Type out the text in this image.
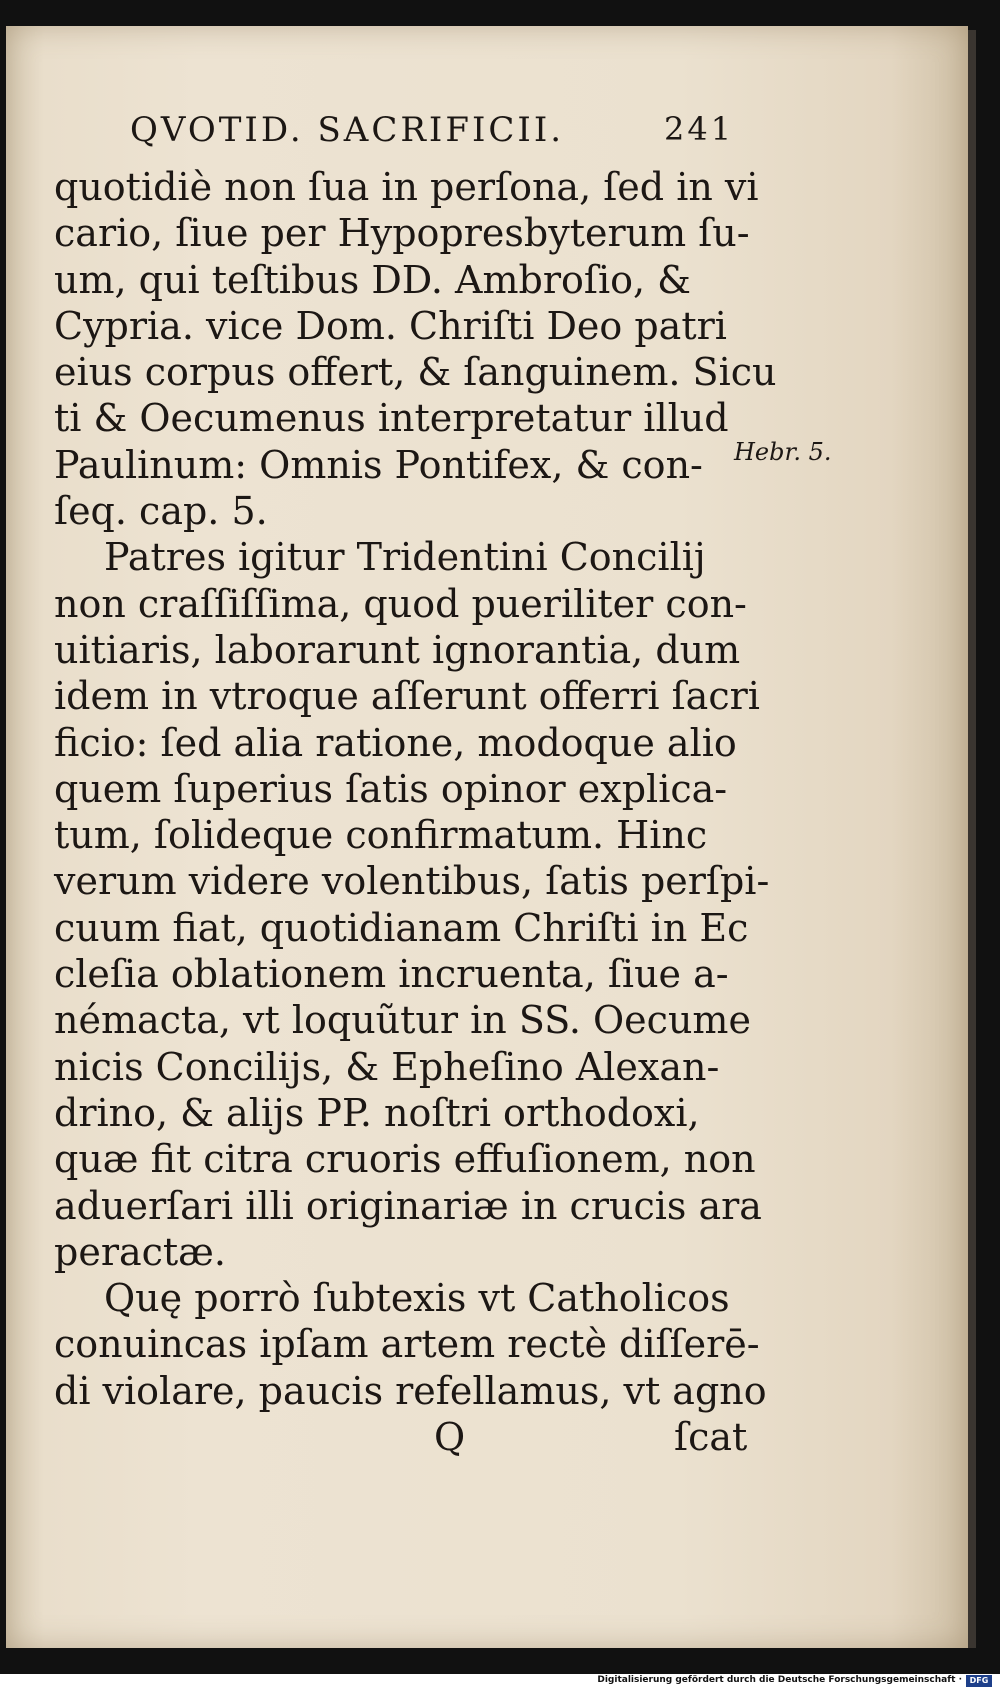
QVOTID. SACRIFICII.	241
quotidiè non ſua in perſona, ſed in vi
cario, ſiue per Hypopresbyterum ſu-
um, qui teſtibus DD. Ambroſio, &
Cypria. vice Dom. Chriſti Deo patri
eius corpus offert, & ſanguinem. Sicu
ti & Oecumenus interpretatur illud
Paulinum: Omnis Pontifex, & con-
ſeq. cap. 5.
Patres igitur Tridentini Concilij
non craſſiſſima, quod pueriliter con-
uitiaris, laborarunt ignorantia, dum
idem in vtroque aſſerunt offerri ſacri
ficio: ſed alia ratione, modoque alio
quem ſuperius ſatis opinor explica-
tum, ſolideque confirmatum. Hinc
verum videre volentibus, ſatis perſpi-
cuum fiat, quotidianam Chriſti in Ec
cleſia oblationem incruenta, ſiue a-
némacta, vt loquũtur in SS. Oecume
nicis Concilijs, & Epheſino Alexan-
drino, & alijs PP. noſtri orthodoxi,
quæ fit citra cruoris effuſionem, non
aduerſari illi originariæ in crucis ara
peractæ.
Quę porrò ſubtexis vt Catholicos
conuincas ipſam artem rectè diſſerē-
di violare, paucis refellamus, vt agno
Q	ſcat
Hebr. 5.
Digitalisierung gefördert durch die Deutsche Forschungsgemeinschaft · DFG
